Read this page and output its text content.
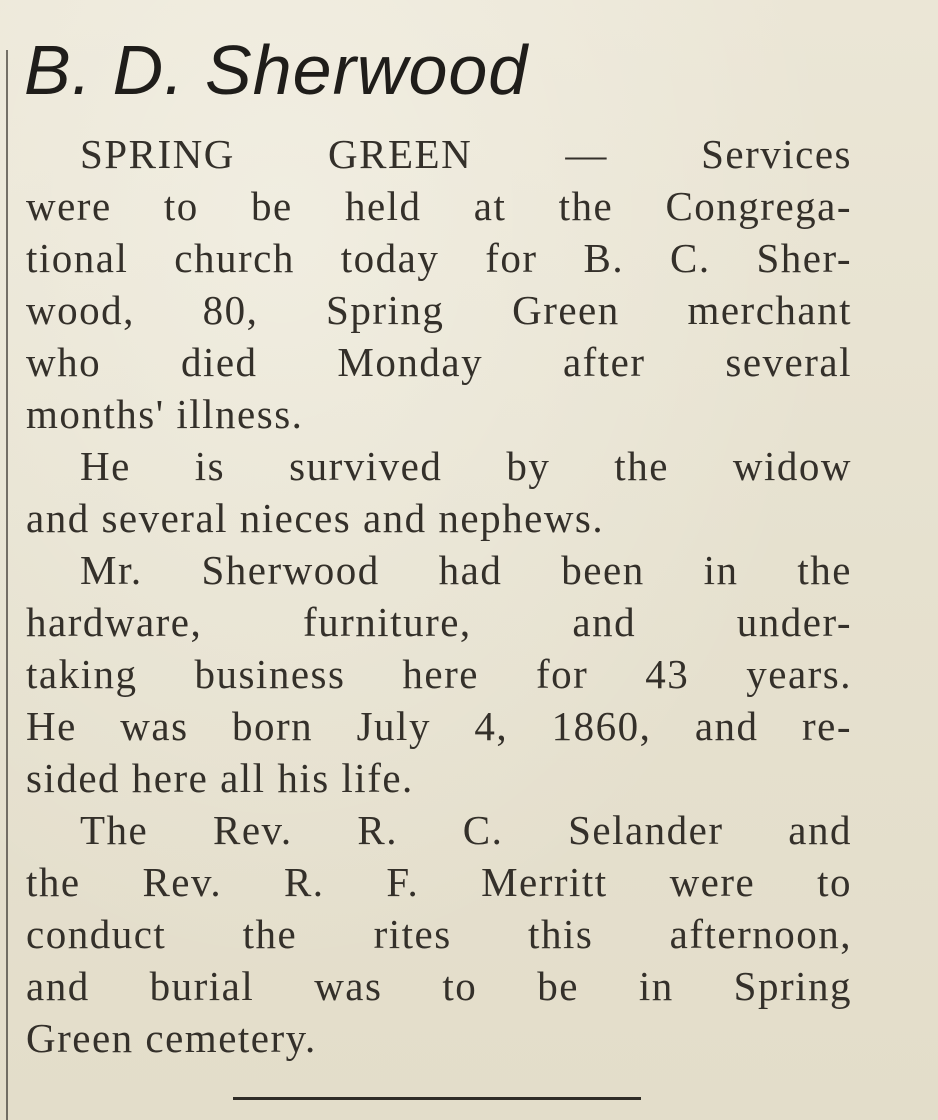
B. D. Sherwood
SPRING GREEN — Services
were to be held at the Congrega-
tional church today for B. C. Sher-
wood, 80, Spring Green merchant
who died Monday after several
months' illness.
He is survived by the widow
and several nieces and nephews.
Mr. Sherwood had been in the
hardware, furniture, and under-
taking business here for 43 years.
He was born July 4, 1860, and re-
sided here all his life.
The Rev. R. C. Selander and
the Rev. R. F. Merritt were to
conduct the rites this afternoon,
and burial was to be in Spring
Green cemetery.
